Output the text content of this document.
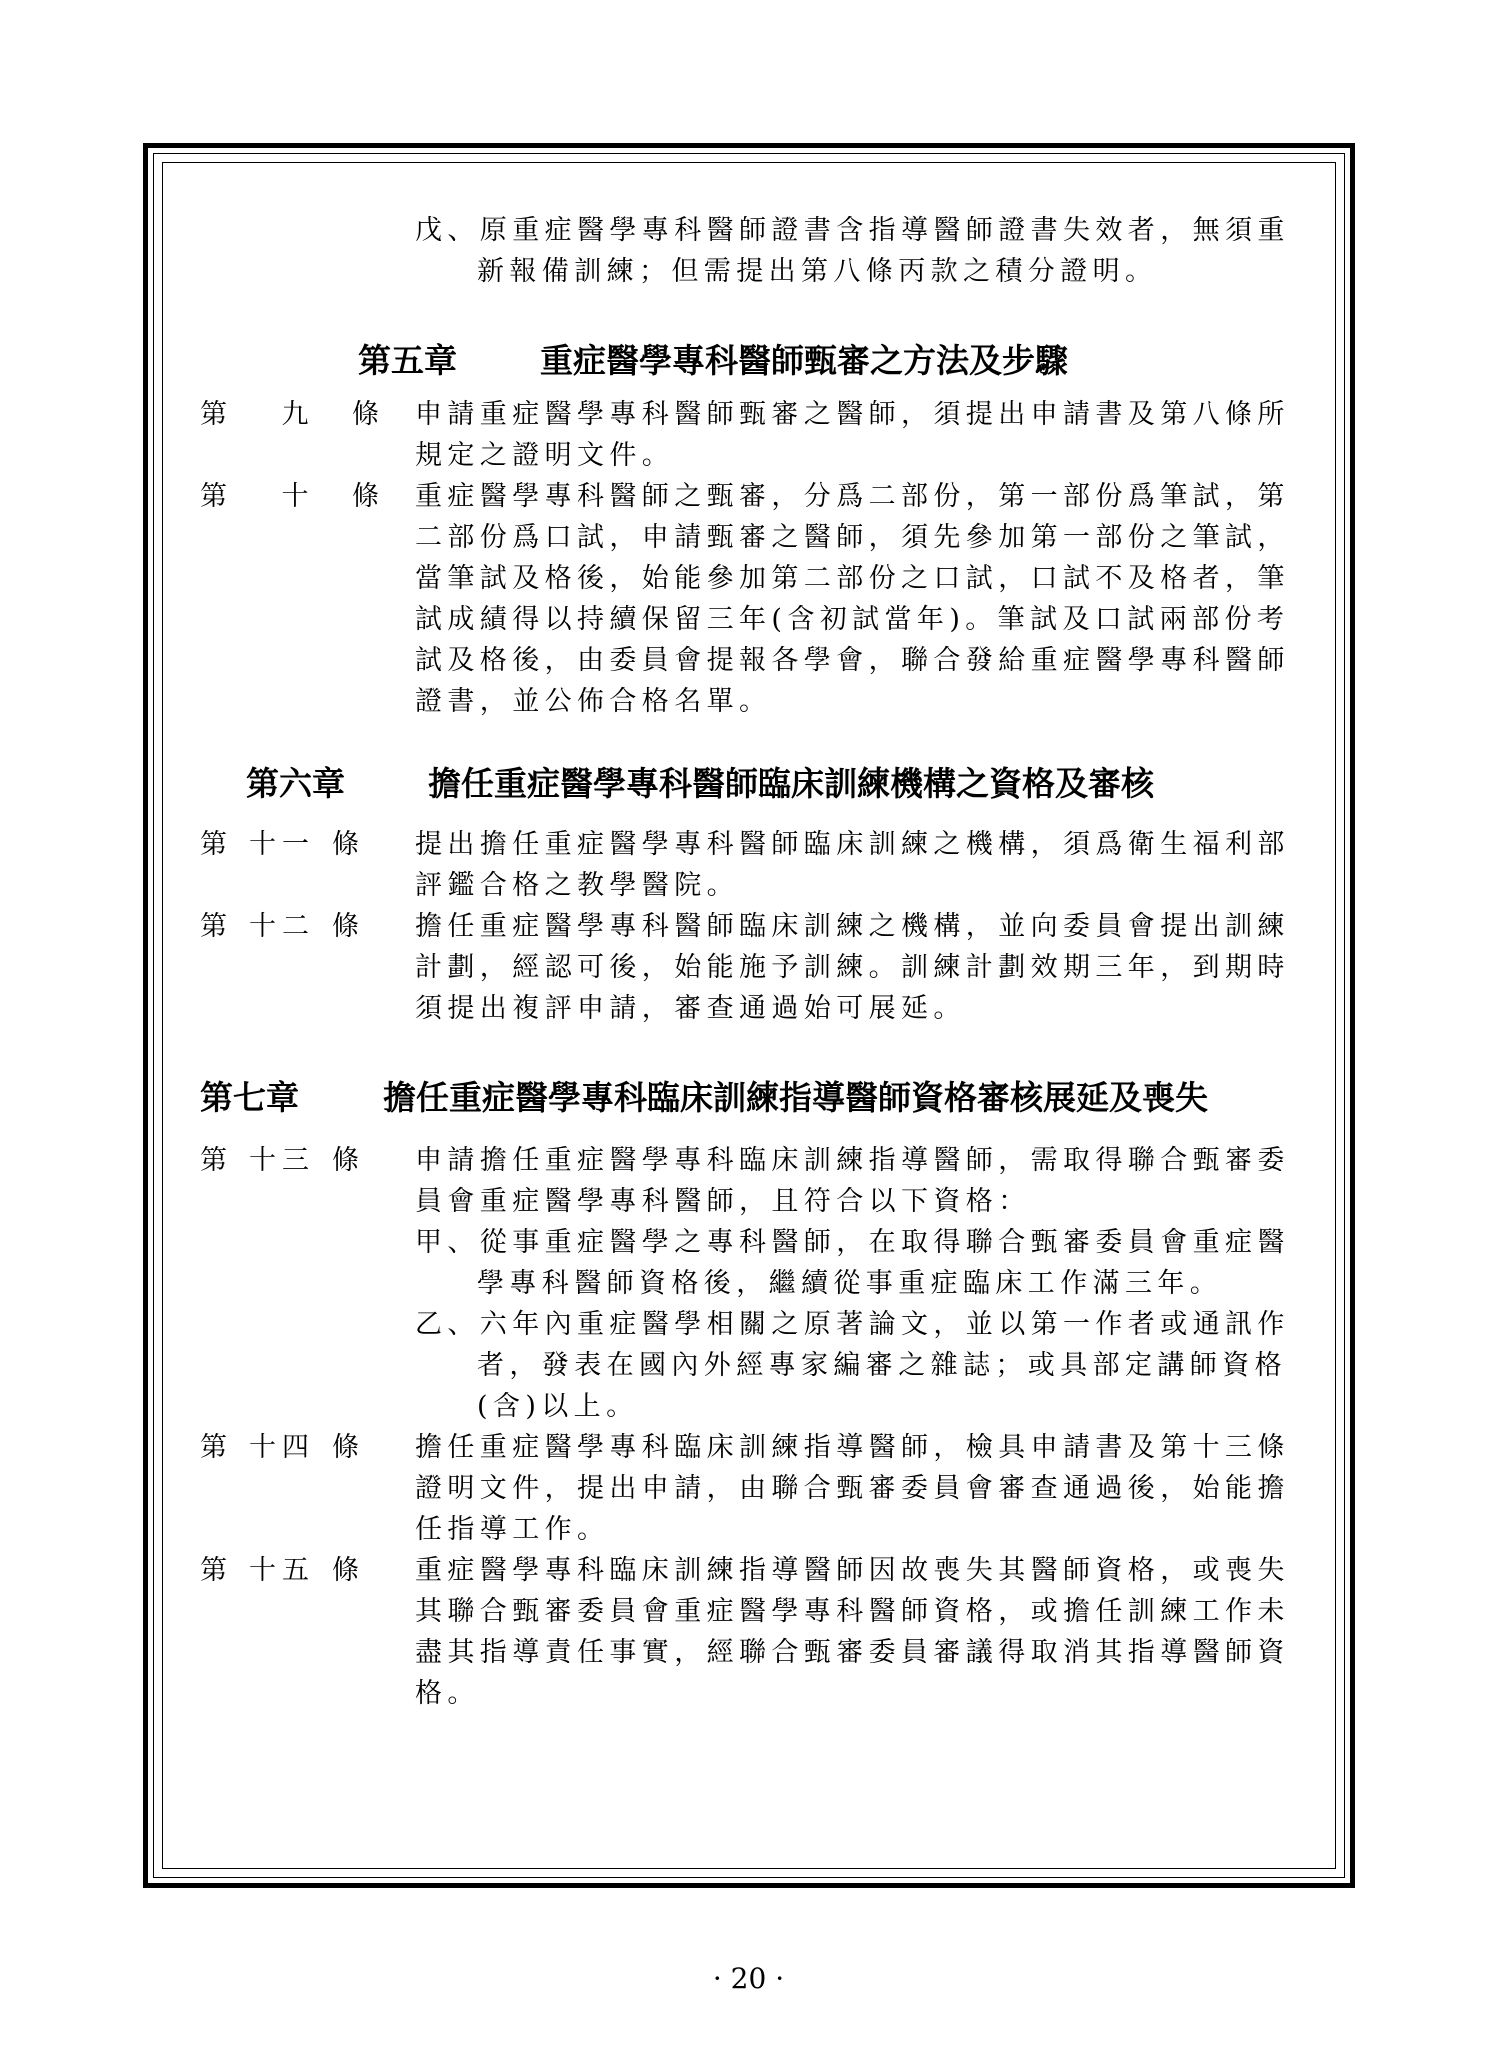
戊、原重症醫學專科醫師證書含指導醫師證書失效者，無須重
新報備訓練；但需提出第八條丙款之積分證明。
第五章	重症醫學專科醫師甄審之方法及步驟
第 九 條 申請重症醫學專科醫師甄審之醫師，須提出申請書及第八條所
規定之證明文件。
第 十 條 重症醫學專科醫師之甄審，分爲二部份，第一部份爲筆試，第
二部份爲口試，申請甄審之醫師，須先參加第一部份之筆試，
當筆試及格後，始能參加第二部份之口試，口試不及格者，筆
試成績得以持續保留三年(含初試當年)。筆試及口試兩部份考
試及格後，由委員會提報各學會，聯合發給重症醫學專科醫師
證書，並公佈合格名單。
第六章	擔任重症醫學專科醫師臨床訓練機構之資格及審核
第 十一 條 提出擔任重症醫學專科醫師臨床訓練之機構，須爲衛生福利部
評鑑合格之教學醫院。
第 十二 條 擔任重症醫學專科醫師臨床訓練之機構，並向委員會提出訓練
計劃，經認可後，始能施予訓練。訓練計劃效期三年，到期時
須提出複評申請，審查通過始可展延。
第七章	擔任重症醫學專科臨床訓練指導醫師資格審核展延及喪失
第 十三 條 申請擔任重症醫學專科臨床訓練指導醫師，需取得聯合甄審委
員會重症醫學專科醫師，且符合以下資格：
甲、從事重症醫學之專科醫師，在取得聯合甄審委員會重症醫
學專科醫師資格後，繼續從事重症臨床工作滿三年。
乙、六年內重症醫學相關之原著論文，並以第一作者或通訊作
者，發表在國內外經專家編審之雜誌；或具部定講師資格
(含)以上。
第 十四 條 擔任重症醫學專科臨床訓練指導醫師，檢具申請書及第十三條
證明文件，提出申請，由聯合甄審委員會審查通過後，始能擔
任指導工作。
第 十五 條 重症醫學專科臨床訓練指導醫師因故喪失其醫師資格，或喪失
其聯合甄審委員會重症醫學專科醫師資格，或擔任訓練工作未
盡其指導責任事實，經聯合甄審委員審議得取消其指導醫師資
格。
· 20 ·
